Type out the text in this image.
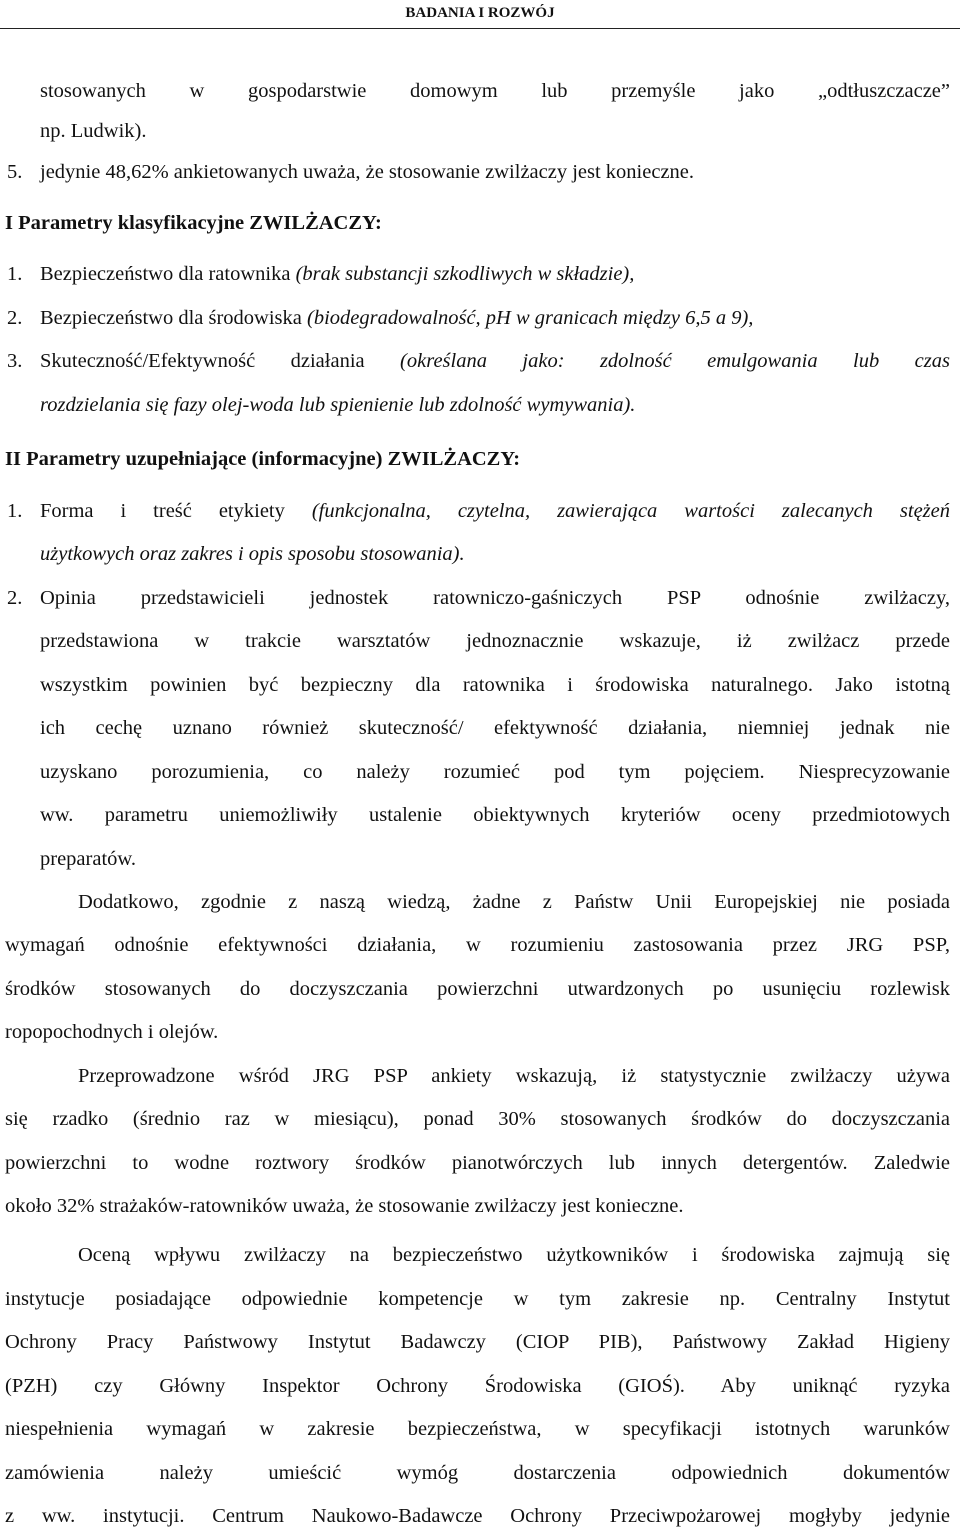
BADANIA I ROZWÓJ
stosowanych w gospodarstwie domowym lub przemyśle jako „odtłuszczacze”
np. Ludwik).
5. jedynie 48,62% ankietowanych uważa, że stosowanie zwilżaczy jest konieczne.
I Parametry klasyfikacyjne ZWILŻACZY:
1. Bezpieczeństwo dla ratownika (brak substancji szkodliwych w składzie),
2. Bezpieczeństwo dla środowiska (biodegradowalność, pH w granicach między 6,5 a 9),
3. Skuteczność/Efektywność działania (określana jako: zdolność emulgowania lub czas
rozdzielania się fazy olej-woda lub spienienie lub zdolność wymywania).
II Parametry uzupełniające (informacyjne) ZWILŻACZY:
1. Forma i treść etykiety (funkcjonalna, czytelna, zawierająca wartości zalecanych stężeń
użytkowych oraz zakres i opis sposobu stosowania).
2. Opinia przedstawicieli jednostek ratowniczo-gaśniczych PSP odnośnie zwilżaczy,
przedstawiona w trakcie warsztatów jednoznacznie wskazuje, iż zwilżacz przede
wszystkim powinien być bezpieczny dla ratownika i środowiska naturalnego. Jako istotną
ich cechę uznano również skuteczność/ efektywność działania, niemniej jednak nie
uzyskano porozumienia, co należy rozumieć pod tym pojęciem. Niesprecyzowanie
ww. parametru uniemożliwiły ustalenie obiektywnych kryteriów oceny przedmiotowych
preparatów.
Dodatkowo, zgodnie z naszą wiedzą, żadne z Państw Unii Europejskiej nie posiada
wymagań odnośnie efektywności działania, w rozumieniu zastosowania przez JRG PSP,
środków stosowanych do doczyszczania powierzchni utwardzonych po usunięciu rozlewisk
ropopochodnych i olejów.
Przeprowadzone wśród JRG PSP ankiety wskazują, iż statystycznie zwilżaczy używa
się rzadko (średnio raz w miesiącu), ponad 30% stosowanych środków do doczyszczania
powierzchni to wodne roztwory środków pianotwórczych lub innych detergentów. Zaledwie
około 32% strażaków-ratowników uważa, że stosowanie zwilżaczy jest konieczne.
Oceną wpływu zwilżaczy na bezpieczeństwo użytkowników i środowiska zajmują się
instytucje posiadające odpowiednie kompetencje w tym zakresie np. Centralny Instytut
Ochrony Pracy Państwowy Instytut Badawczy (CIOP PIB), Państwowy Zakład Higieny
(PZH) czy Główny Inspektor Ochrony Środowiska (GIOŚ). Aby uniknąć ryzyka
niespełnienia wymagań w zakresie bezpieczeństwa, w specyfikacji istotnych warunków
zamówienia należy umieścić wymóg dostarczenia odpowiednich dokumentów
z ww. instytucji. Centrum Naukowo-Badawcze Ochrony Przeciwpożarowej mogłyby jedynie
